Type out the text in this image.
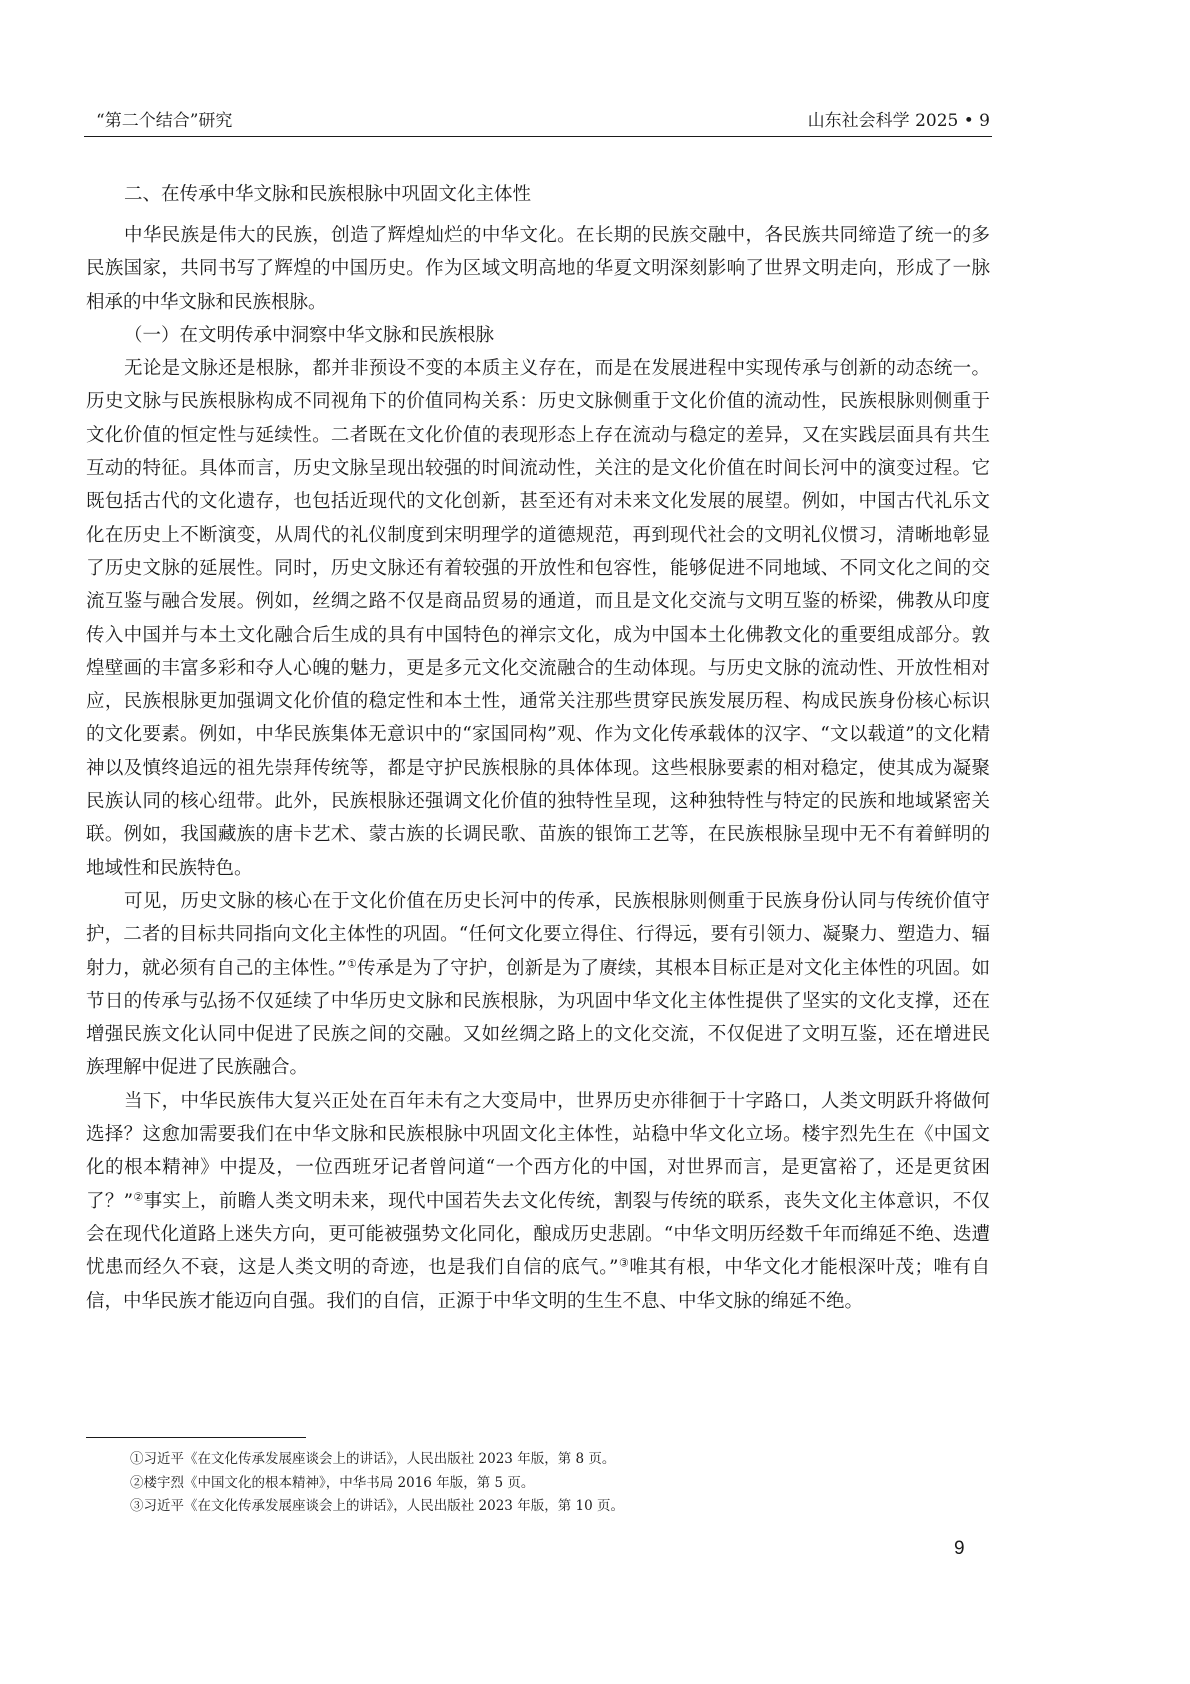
“第二个结合”研究	山东社会科学 2025 • 9

二、在传承中华文脉和民族根脉中巩固文化主体性

中华民族是伟大的民族，创造了辉煌灿烂的中华文化。在长期的民族交融中，各民族共同缔造了统一的多民族国家，共同书写了辉煌的中国历史。作为区域文明高地的华夏文明深刻影响了世界文明走向，形成了一脉相承的中华文脉和民族根脉。

（一）在文明传承中洞察中华文脉和民族根脉

无论是文脉还是根脉，都并非预设不变的本质主义存在，而是在发展进程中实现传承与创新的动态统一。历史文脉与民族根脉构成不同视角下的价值同构关系：历史文脉侧重于文化价值的流动性，民族根脉则侧重于文化价值的恒定性与延续性。二者既在文化价值的表现形态上存在流动与稳定的差异，又在实践层面具有共生互动的特征。具体而言，历史文脉呈现出较强的时间流动性，关注的是文化价值在时间长河中的演变过程。它既包括古代的文化遗存，也包括近现代的文化创新，甚至还有对未来文化发展的展望。例如，中国古代礼乐文化在历史上不断演变，从周代的礼仪制度到宋明理学的道德规范，再到现代社会的文明礼仪惯习，清晰地彰显了历史文脉的延展性。同时，历史文脉还有着较强的开放性和包容性，能够促进不同地域、不同文化之间的交流互鉴与融合发展。例如，丝绸之路不仅是商品贸易的通道，而且是文化交流与文明互鉴的桥梁，佛教从印度传入中国并与本土文化融合后生成的具有中国特色的禅宗文化，成为中国本土化佛教文化的重要组成部分。敦煌壁画的丰富多彩和夺人心魄的魅力，更是多元文化交流融合的生动体现。与历史文脉的流动性、开放性相对应，民族根脉更加强调文化价值的稳定性和本土性，通常关注那些贯穿民族发展历程、构成民族身份核心标识的文化要素。例如，中华民族集体无意识中的“家国同构”观、作为文化传承载体的汉字、“文以载道”的文化精神以及慎终追远的祖先崇拜传统等，都是守护民族根脉的具体体现。这些根脉要素的相对稳定，使其成为凝聚民族认同的核心纽带。此外，民族根脉还强调文化价值的独特性呈现，这种独特性与特定的民族和地域紧密关联。例如，我国藏族的唐卡艺术、蒙古族的长调民歌、苗族的银饰工艺等，在民族根脉呈现中无不有着鲜明的地域性和民族特色。

可见，历史文脉的核心在于文化价值在历史长河中的传承，民族根脉则侧重于民族身份认同与传统价值守护，二者的目标共同指向文化主体性的巩固。“任何文化要立得住、行得远，要有引领力、凝聚力、塑造力、辐射力，就必须有自己的主体性。”①传承是为了守护，创新是为了赓续，其根本目标正是对文化主体性的巩固。如节日的传承与弘扬不仅延续了中华历史文脉和民族根脉，为巩固中华文化主体性提供了坚实的文化支撑，还在增强民族文化认同中促进了民族之间的交融。又如丝绸之路上的文化交流，不仅促进了文明互鉴，还在增进民族理解中促进了民族融合。

当下，中华民族伟大复兴正处在百年未有之大变局中，世界历史亦徘徊于十字路口，人类文明跃升将做何选择？这愈加需要我们在中华文脉和民族根脉中巩固文化主体性，站稳中华文化立场。楼宇烈先生在《中国文化的根本精神》中提及，一位西班牙记者曾问道“一个西方化的中国，对世界而言，是更富裕了，还是更贫困了？”②事实上，前瞻人类文明未来，现代中国若失去文化传统，割裂与传统的联系，丧失文化主体意识，不仅会在现代化道路上迷失方向，更可能被强势文化同化，酿成历史悲剧。“中华文明历经数千年而绵延不绝、迭遭忧患而经久不衰，这是人类文明的奇迹，也是我们自信的底气。”③唯其有根，中华文化才能根深叶茂；唯有自信，中华民族才能迈向自强。我们的自信，正源于中华文明的生生不息、中华文脉的绵延不绝。

①习近平《在文化传承发展座谈会上的讲话》，人民出版社 2023 年版，第 8 页。

②楼宇烈《中国文化的根本精神》，中华书局 2016 年版，第 5 页。

③习近平《在文化传承发展座谈会上的讲话》，人民出版社 2023 年版，第 10 页。

9
